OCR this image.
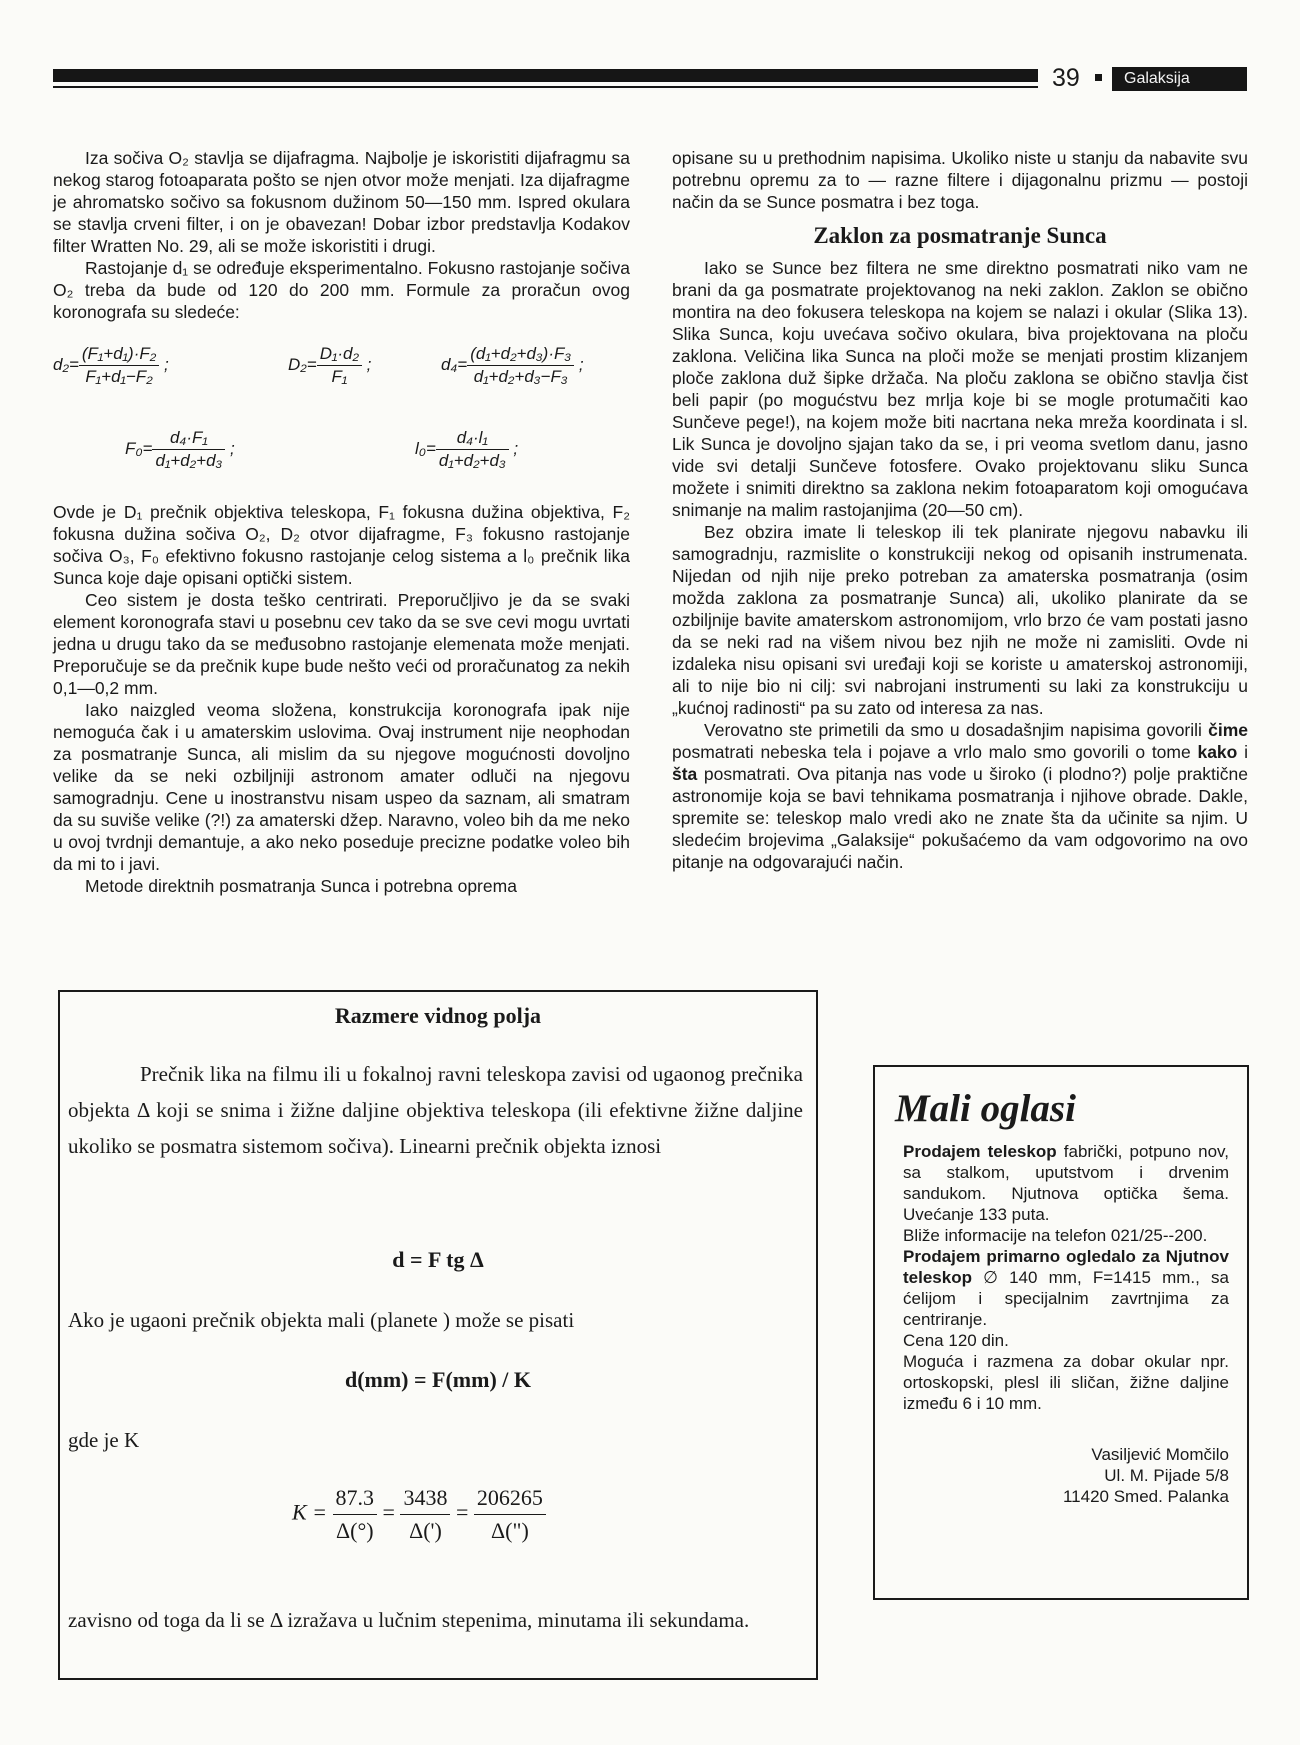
39	Galaksija

Iza sočiva O₂ stavlja se dijafragma. Najbolje je iskoristiti dijafragmu sa nekog starog fotoaparata pošto se njen otvor može menjati. Iza dijafragme je ahromatsko sočivo sa fokusnom dužinom 50—150 mm. Ispred okulara se stavlja crveni filter, i on je obavezan! Dobar izbor predstavlja Kodakov filter Wratten No. 29, ali se može iskoristiti i drugi.

Rastojanje d₁ se određuje eksperimentalno. Fokusno rastojanje sočiva O₂ treba da bude od 120 do 200 mm. Formule za proračun ovog koronografa su sledeće:

$d_2= \frac{\text{(F₁+d₁)·F₂}}{\text{F₁+d₁−F₂}}$ ;	$D_2= \frac{\text{D₁·d₂}}{\text{F₁}}$ ;	$d_4= \frac{\text{(d₁+d₂+d₃)·F₃}}{\text{d₁+d₂+d₃−F₃}}$ ;
$F_0= \frac{\text{d₄·F₁}}{\text{d₁+d₂+d₃}}$ ;	$l_0= \frac{\text{d₄·l₁}}{\text{d₁+d₂+d₃}}$ ;

Ovde je D₁ prečnik objektiva teleskopa, F₁ fokusna dužina objektiva, F₂ fokusna dužina sočiva O₂, D₂ otvor dijafragme, F₃ fokusno rastojanje sočiva O₃, F₀ efektivno fokusno rastojanje celog sistema a l₀ prečnik lika Sunca koje daje opisani optički sistem.

Ceo sistem je dosta teško centrirati. Preporučljivo je da se svaki element koronografa stavi u posebnu cev tako da se sve cevi mogu uvrtati jedna u drugu tako da se međusobno rastojanje elemenata može menjati. Preporučuje se da prečnik kupe bude nešto veći od proračunatog za nekih 0,1—0,2 mm.

Iako naizgled veoma složena, konstrukcija koronografa ipak nije nemoguća čak i u amaterskim uslovima. Ovaj instrument nije neophodan za posmatranje Sunca, ali mislim da su njegove mogućnosti dovoljno velike da se neki ozbiljniji astronom amater odluči na njegovu samogradnju. Cene u inostranstvu nisam uspeo da saznam, ali smatram da su suviše velike (?!) za amaterski džep. Naravno, voleo bih da me neko u ovoj tvrdnji demantuje, a ako neko poseduje precizne podatke voleo bih da mi to i javi.

Metode direktnih posmatranja Sunca i potrebna oprema

opisane su u prethodnim napisima. Ukoliko niste u stanju da nabavite svu potrebnu opremu za to — razne filtere i dijagonalnu prizmu — postoji način da se Sunce posmatra i bez toga.

Zaklon za posmatranje Sunca

Iako se Sunce bez filtera ne sme direktno posmatrati niko vam ne brani da ga posmatrate projektovanog na neki zaklon. Zaklon se obično montira na deo fokusera teleskopa na kojem se nalazi i okular (Slika 13). Slika Sunca, koju uvećava sočivo okulara, biva projektovana na ploču zaklona. Veličina lika Sunca na ploči može se menjati prostim klizanjem ploče zaklona duž šipke držača. Na ploču zaklona se obično stavlja čist beli papir (po mogućstvu bez mrlja koje bi se mogle protumačiti kao Sunčeve pege!), na kojem može biti nacrtana neka mreža koordinata i sl. Lik Sunca je dovoljno sjajan tako da se, i pri veoma svetlom danu, jasno vide svi detalji Sunčeve fotosfere. Ovako projektovanu sliku Sunca možete i snimiti direktno sa zaklona nekim fotoaparatom koji omogućava snimanje na malim rastojanjima (20—50 cm).

Bez obzira imate li teleskop ili tek planirate njegovu nabavku ili samogradnju, razmislite o konstrukciji nekog od opisanih instrumenata. Nijedan od njih nije preko potreban za amaterska posmatranja (osim možda zaklona za posmatranje Sunca) ali, ukoliko planirate da se ozbiljnije bavite amaterskom astronomijom, vrlo brzo će vam postati jasno da se neki rad na višem nivou bez njih ne može ni zamisliti. Ovde ni izdaleka nisu opisani svi uređaji koji se koriste u amaterskoj astronomiji, ali to nije bio ni cilj: svi nabrojani instrumenti su laki za konstrukciju u „kućnoj radinosti“ pa su zato od interesa za nas.

Verovatno ste primetili da smo u dosadašnjim napisima govorili čime posmatrati nebeska tela i pojave a vrlo malo smo govorili o tome kako i šta posmatrati. Ova pitanja nas vode u široko (i plodno?) polje praktične astronomije koja se bavi tehnikama posmatranja i njihove obrade. Dakle, spremite se: teleskop malo vredi ako ne znate šta da učinite sa njim. U sledećim brojevima „Galaksije“ pokušaćemo da vam odgovorimo na ovo pitanje na odgovarajući način.

Razmere vidnog polja
Prečnik lika na filmu ili u fokalnoj ravni teleskopa zavisi od ugaonog prečnika objekta Δ koji se snima i žižne daljine objektiva teleskopa (ili efektivne žižne daljine ukoliko se posmatra sistemom sočiva). Linearni prečnik objekta iznosi
d = F tg Δ
Ako je ugaoni prečnik objekta mali (planete ) može se pisati
d(mm) = F(mm) / K
gde je K
$K = \frac{87.3}{\Delta(^\circ)} = \frac{3438}{\Delta(')} = \frac{206265}{\Delta(")}$
zavisno od toga da li se Δ izražava u lučnim stepenima, minutama ili sekundama.
Mali oglasi

Prodajem teleskop fabrički, potpuno nov, sa stalkom, uputstvom i drvenim sandukom. Njutnova optička šema. Uvećanje 133 puta.

Bliže informacije na telefon 021/25--200.

Prodajem primarno ogledalo za Njutnov teleskop ∅ 140 mm, F=1415 mm., sa ćelijom i specijalnim zavrtnjima za centriranje.

Cena 120 din.

Moguća i razmena za dobar okular npr. ortoskopski, plesl ili sličan, žižne daljine između 6 i 10 mm.

Vasiljević Momčilo
Ul. M. Pijade 5/8
11420 Smed. Palanka
